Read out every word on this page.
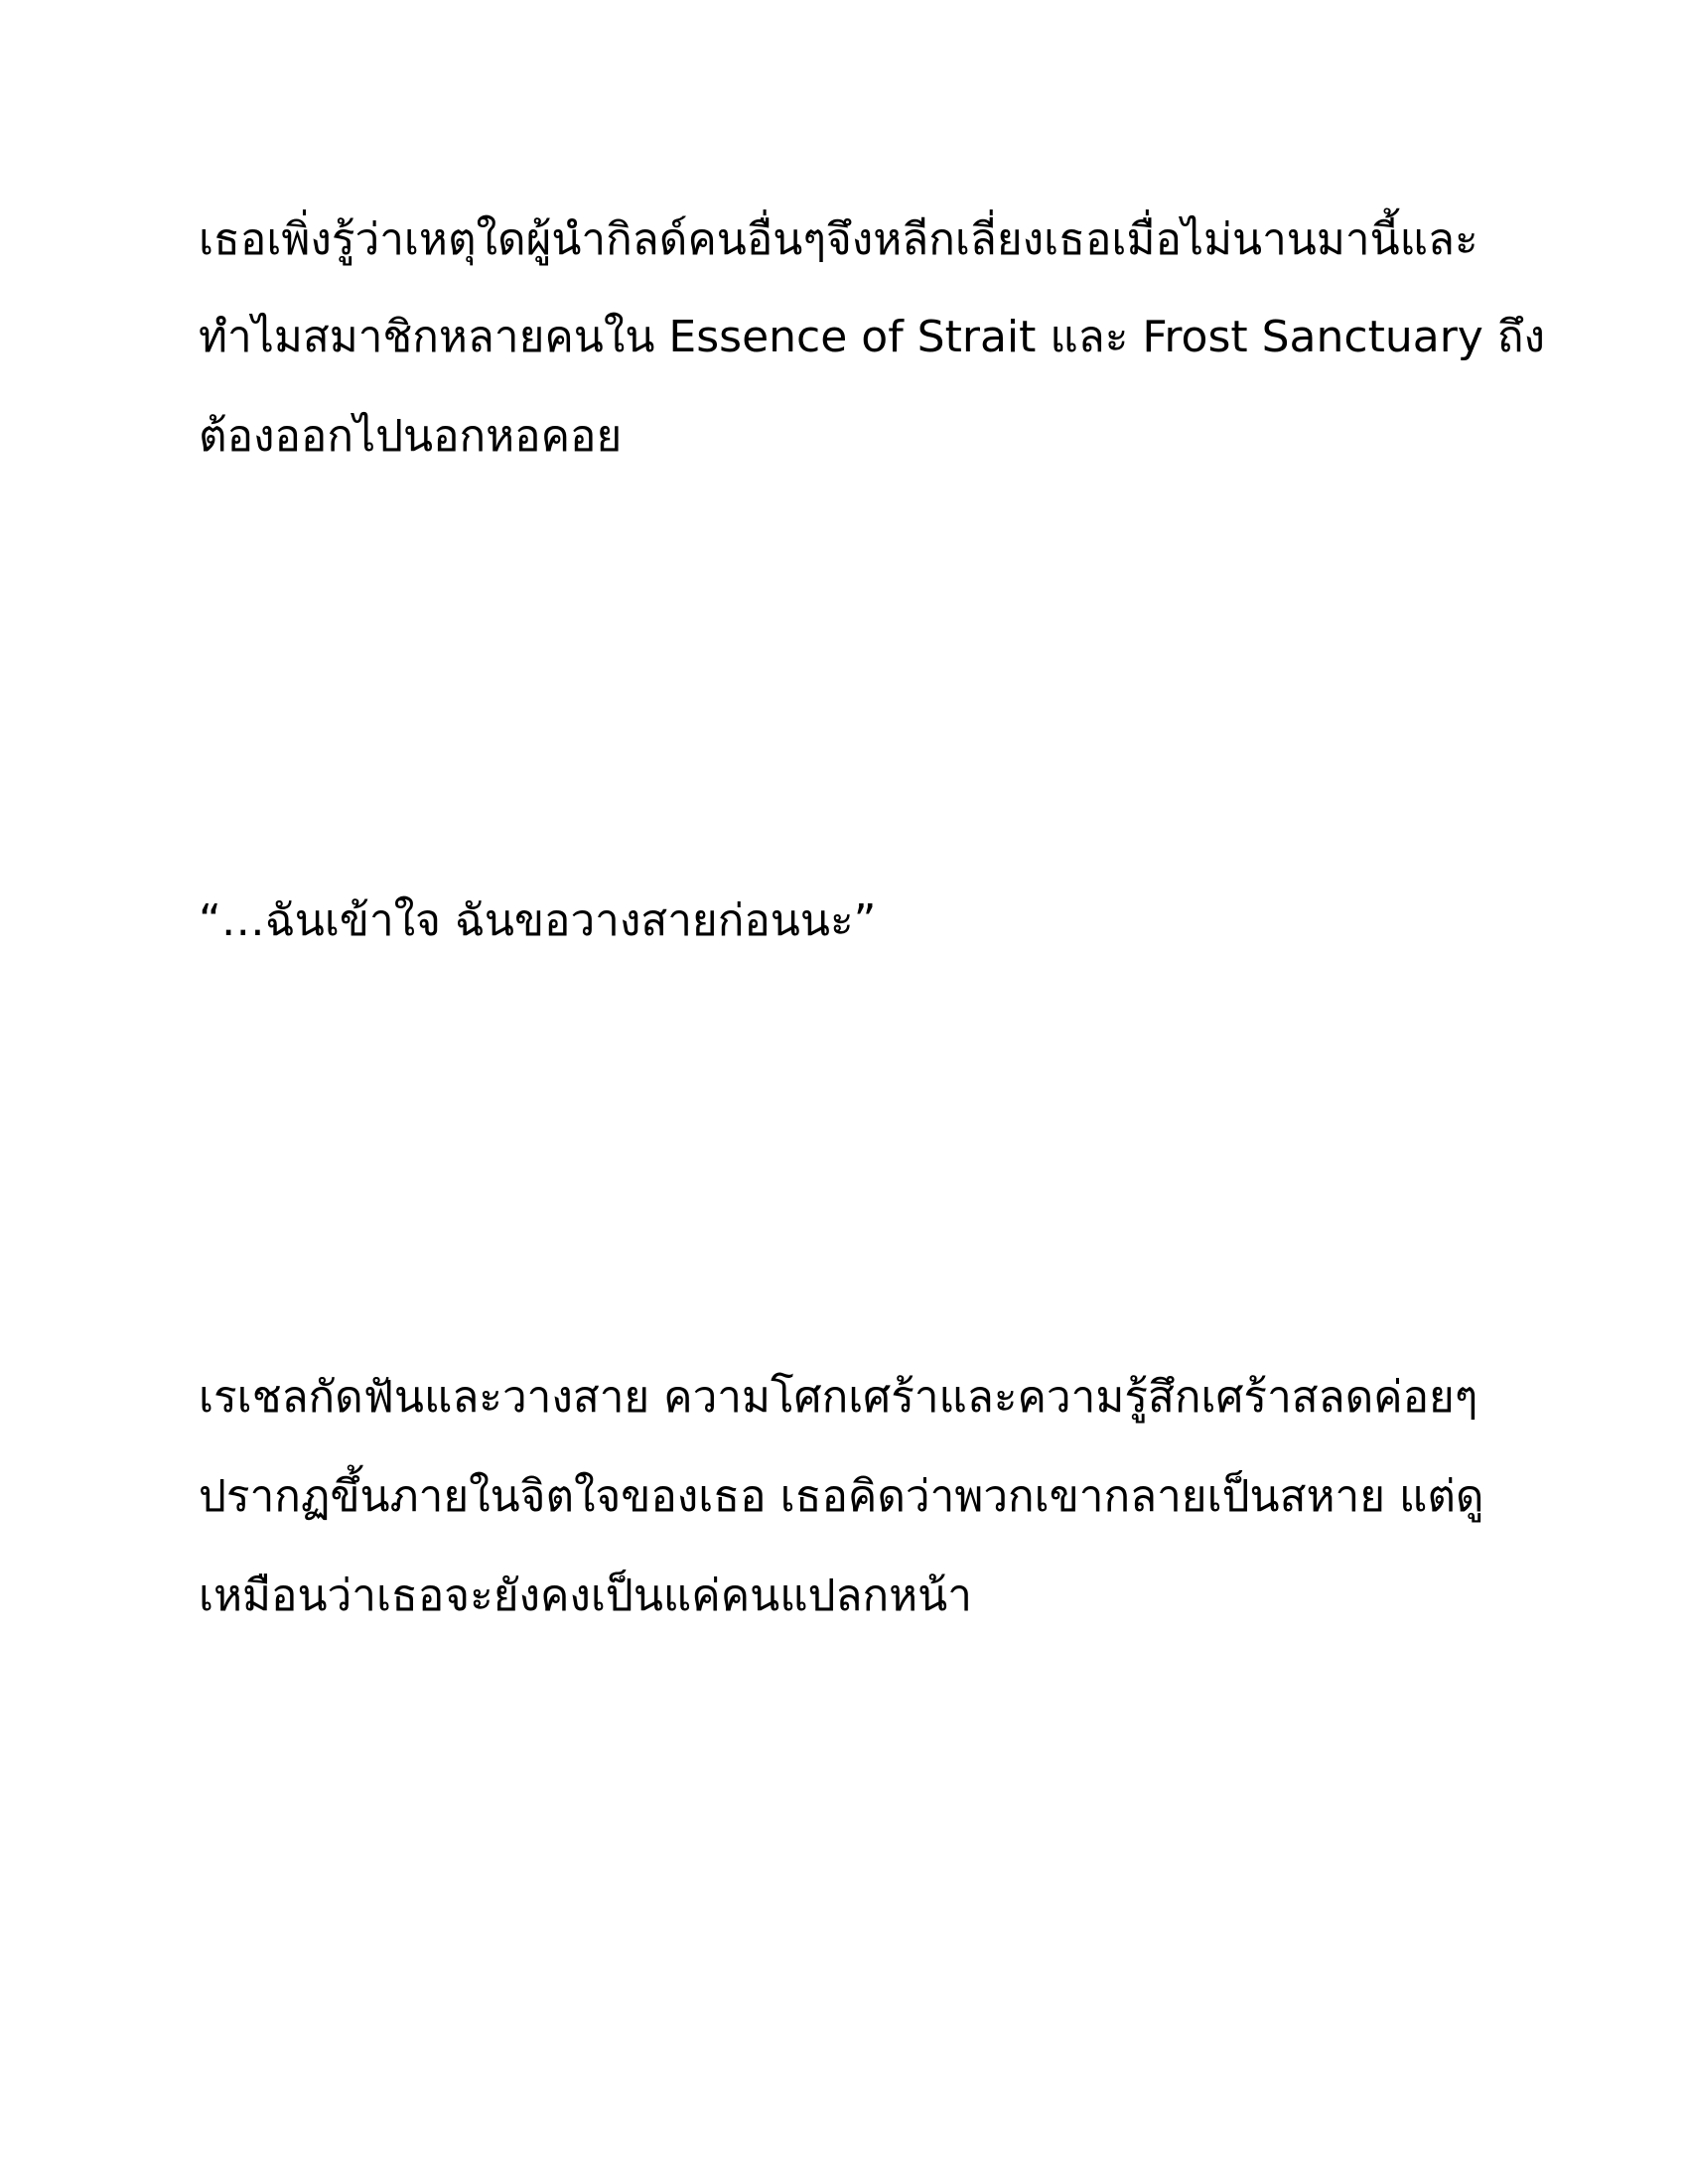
เธอเพิ่งรู้ว่าเหตุใดผู้นำกิลด์คนอื่นๆจึงหลีกเลี่ยงเธอเมื่อไม่นานมานี้และ
ทำไมสมาชิกหลายคนใน Essence of Strait และ Frost Sanctuary ถึง
ต้องออกไปนอกหอคอย
“…ฉันเข้าใจ ฉันขอวางสายก่อนนะ”
เรเชลกัดฟันและวางสาย ความโศกเศร้าและความรู้สึกเศร้าสลดค่อยๆ
ปรากฏขึ้นภายในจิตใจของเธอ เธอคิดว่าพวกเขากลายเป็นสหาย แต่ดู
เหมือนว่าเธอจะยังคงเป็นแค่คนแปลกหน้า
